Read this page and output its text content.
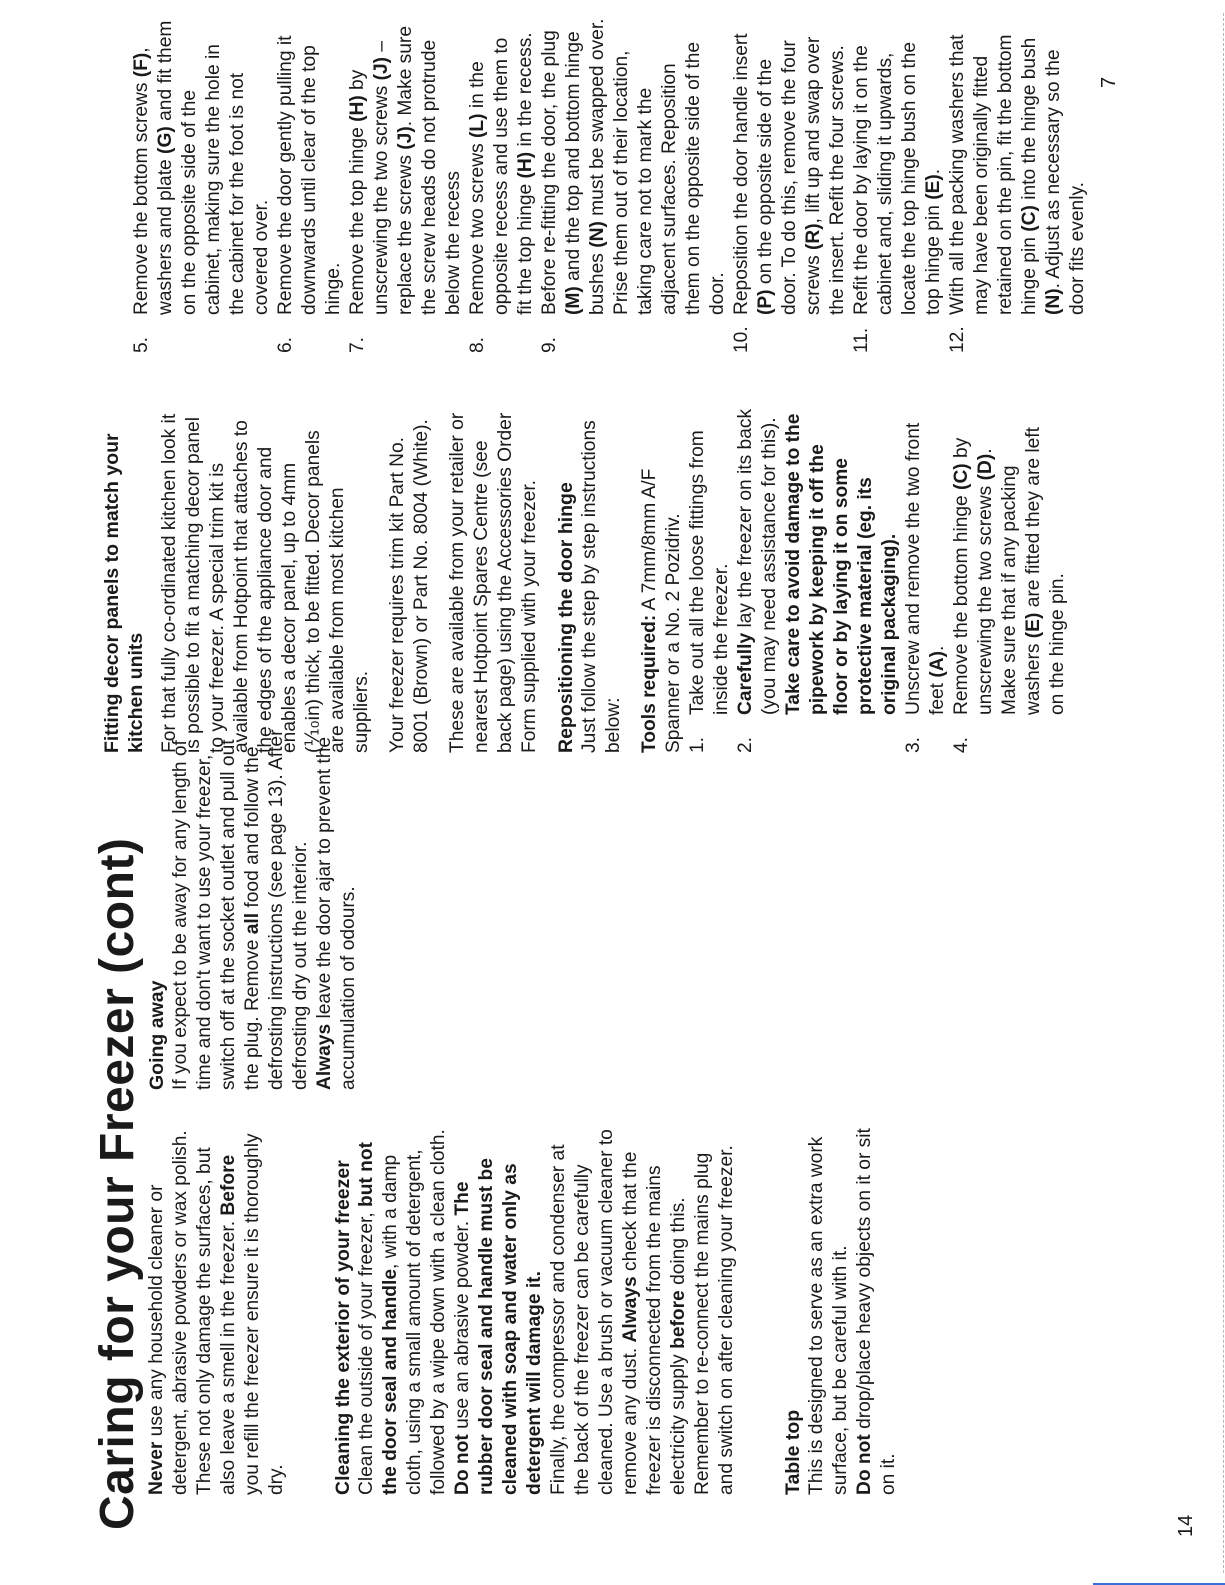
Caring for your Freezer (cont) Never use any household cleaner or detergent, abrasive powders or wax polish. These not only damage the surfaces, but also leave a smell in the freezer. Before you refill the freezer ensure it is thoroughly dry. Cleaning the exterior of your freezer Clean the outside of your freezer, but not the door seal and handle, with a damp cloth, using a small amount of detergent, followed by a wipe down with a clean cloth. Do not use an abrasive powder. The rubber door seal and handle must be cleaned with soap and water only as detergent will damage it. Finally, the compressor and condenser at the back of the freezer can be carefully cleaned. Use a brush or vacuum cleaner to remove any dust. Always check that the freezer is disconnected from the mains electricity supply before doing this. Remember to re-connect the mains plug and switch on after cleaning your freezer. Table top This is designed to serve as an extra work surface, but be careful with it. Do not drop/place heavy objects on it or sit on it.

Going away If you expect to be away for any length of time and don't want to use your freezer, switch off at the socket outlet and pull out the plug. Remove all food and follow the defrosting instructions (see page 13). After defrosting dry out the interior. Always leave the door ajar to prevent the accumulation of odours.

Fitting decor panels to match your kitchen units For that fully co-ordinated kitchen look it is possible to fit a matching decor panel to your freezer. A special trim kit is available from Hotpoint that attaches to the edges of the appliance door and enables a decor panel, up to 4mm (⅒in) thick, to be fitted. Decor panels are available from most kitchen suppliers. Your freezer requires trim kit Part No. 8001 (Brown) or Part No. 8004 (White). These are available from your retailer or nearest Hotpoint Spares Centre (see back page) using the Accessories Order Form supplied with your freezer. Repositioning the door hinge Just follow the step by step instructions below: Tools required: A 7mm/8mm A/F Spanner or a No. 2 Pozidriv. 1.
Take out all the loose fittings from inside the freezer.
2.
Carefully lay the freezer on its back (you may need assistance for this). Take care to avoid damage to the pipework by keeping it off the floor or by laying it on some protective material (eg. its original packaging).
3.
Unscrew and remove the two front feet (A).
4.
Remove the bottom hinge (C) by unscrewing the two screws (D). Make sure that if any packing washers (E) are fitted they are left on the hinge pin.
5.
Remove the bottom screws (F), washers and plate (G) and fit them on the opposite side of the cabinet, making sure the hole in the cabinet for the foot is not covered over.
6.
Remove the door gently pulling it downwards until clear of the top hinge.
7.
Remove the top hinge (H) by unscrewing the two screws (J) – replace the screws (J). Make sure the screw heads do not protrude below the recess
8.
Remove two screws (L) in the opposite recess and use them to fit the top hinge (H) in the recess.
9.
Before re-fitting the door, the plug (M) and the top and bottom hinge bushes (N) must be swapped over. Prise them out of their location, taking care not to mark the adjacent surfaces. Reposition them on the opposite side of the door.
10.
Reposition the door handle insert (P) on the opposite side of the door. To do this, remove the four screws (R), lift up and swap over the insert. Refit the four screws.
11.
Refit the door by laying it on the cabinet and, sliding it upwards, locate the top hinge bush on the top hinge pin (E).
12.
With all the packing washers that may have been originally fitted retained on the pin, fit the bottom hinge pin (C) into the hinge bush (N). Adjust as necessary so the door fits evenly.
14
7
